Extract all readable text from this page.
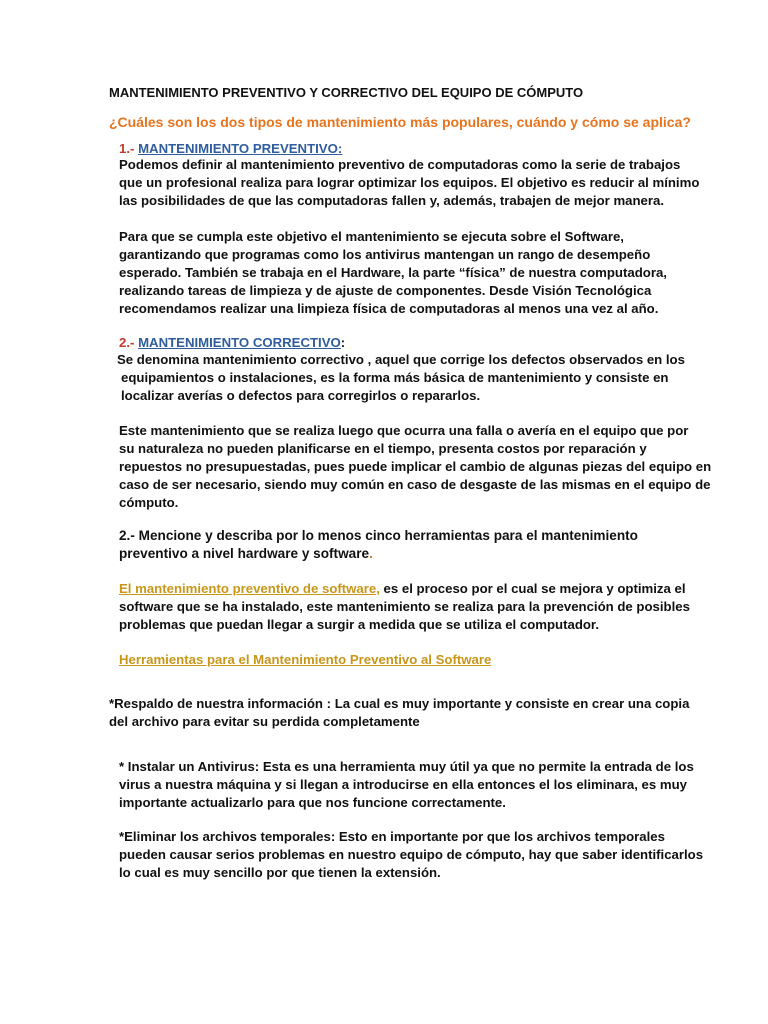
MANTENIMIENTO PREVENTIVO Y CORRECTIVO DEL EQUIPO DE CÓMPUTO
¿Cuáles son los dos tipos de mantenimiento más populares, cuándo y cómo se aplica?
1.- MANTENIMIENTO PREVENTIVO:
Podemos definir al mantenimiento preventivo de computadoras como la serie de trabajos
que un profesional realiza para lograr optimizar los equipos. El objetivo es reducir al mínimo
las posibilidades de que las computadoras fallen y, además, trabajen de mejor manera.
Para que se cumpla este objetivo el mantenimiento se ejecuta sobre el Software,
garantizando que programas como los antivirus mantengan un rango de desempeño
esperado. También se trabaja en el Hardware, la parte “física” de nuestra computadora,
realizando tareas de limpieza y de ajuste de componentes. Desde Visión Tecnológica
recomendamos realizar una limpieza física de computadoras al menos una vez al año.
2.- MANTENIMIENTO CORRECTIVO:
Se denomina mantenimiento correctivo , aquel que corrige los defectos observados en los
equipamientos o instalaciones, es la forma más básica de mantenimiento y consiste en
localizar averías o defectos para corregirlos o repararlos.
Este mantenimiento que se realiza luego que ocurra una falla o avería en el equipo que por
su naturaleza no pueden planificarse en el tiempo, presenta costos por reparación y
repuestos no presupuestadas, pues puede implicar el cambio de algunas piezas del equipo en
caso de ser necesario, siendo muy común en caso de desgaste de las mismas en el equipo de
cómputo.
2.- Mencione y describa por lo menos cinco herramientas para el mantenimiento
preventivo a nivel hardware y software.
El mantenimiento preventivo de software, es el proceso por el cual se mejora y optimiza el
software que se ha instalado, este mantenimiento se realiza para la prevención de posibles
problemas que puedan llegar a surgir a medida que se utiliza el computador.
Herramientas para el Mantenimiento Preventivo al Software
*Respaldo de nuestra información : La cual es muy importante y consiste en crear una copia
del archivo para evitar su perdida completamente
* Instalar un Antivirus: Esta es una herramienta muy útil ya que no permite la entrada de los
virus a nuestra máquina y si llegan a introducirse en ella entonces el los eliminara, es muy
importante actualizarlo para que nos funcione correctamente.
*Eliminar los archivos temporales: Esto en importante por que los archivos temporales
pueden causar serios problemas en nuestro equipo de cómputo, hay que saber identificarlos
lo cual es muy sencillo por que tienen la extensión.
